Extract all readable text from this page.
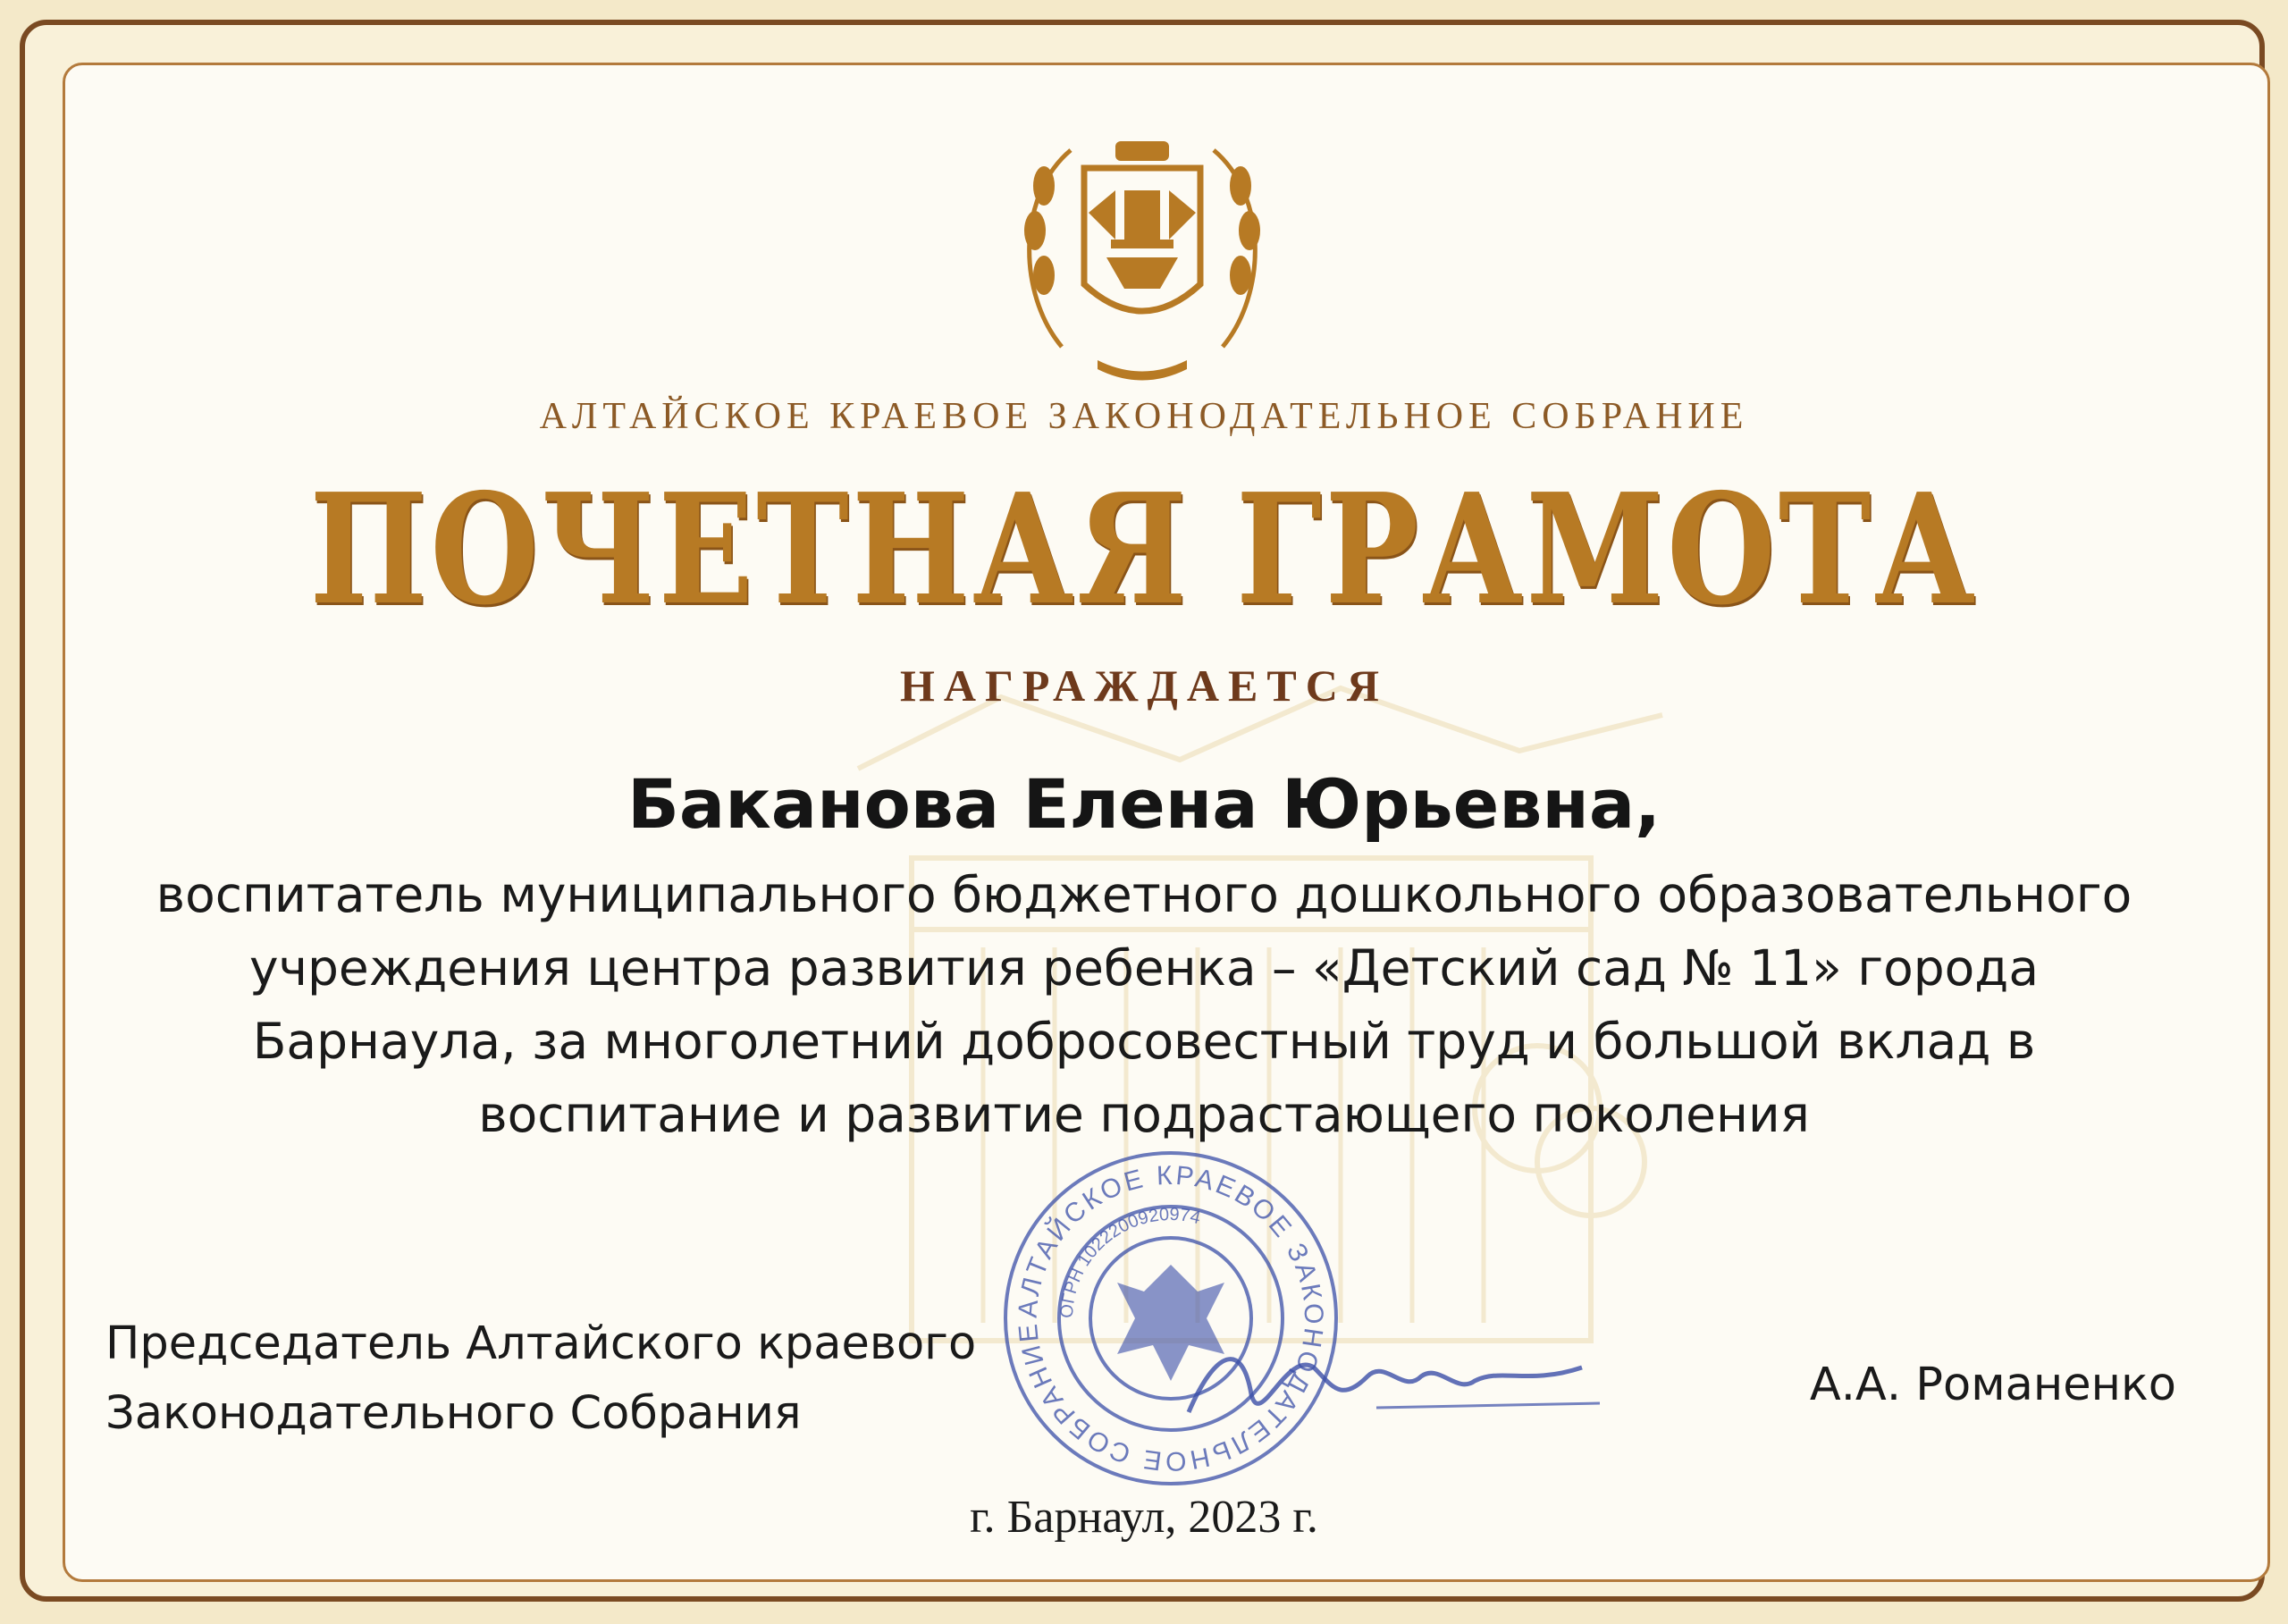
АЛТАЙСКОЕ КРАЕВОЕ ЗАКОНОДАТЕЛЬНОЕ СОБРАНИЕ
ПОЧЕТНАЯ ГРАМОТА
НАГРАЖДАЕТСЯ
Баканова Елена Юрьевна,
воспитатель муниципального бюджетного дошкольного образовательного
учреждения центра развития ребенка – «Детский сад № 11» города
Барнаула, за многолетний добросовестный труд и большой вклад в
воспитание и развитие подрастающего поколения
АЛТАЙСКОЕ КРАЕВОЕ ЗАКОНОДАТЕЛЬНОЕ СОБРАНИЕ
ОГРН 1022200920974
Председатель Алтайского краевого
Законодательного Собрания
А.А. Романенко
г. Барнаул, 2023 г.
